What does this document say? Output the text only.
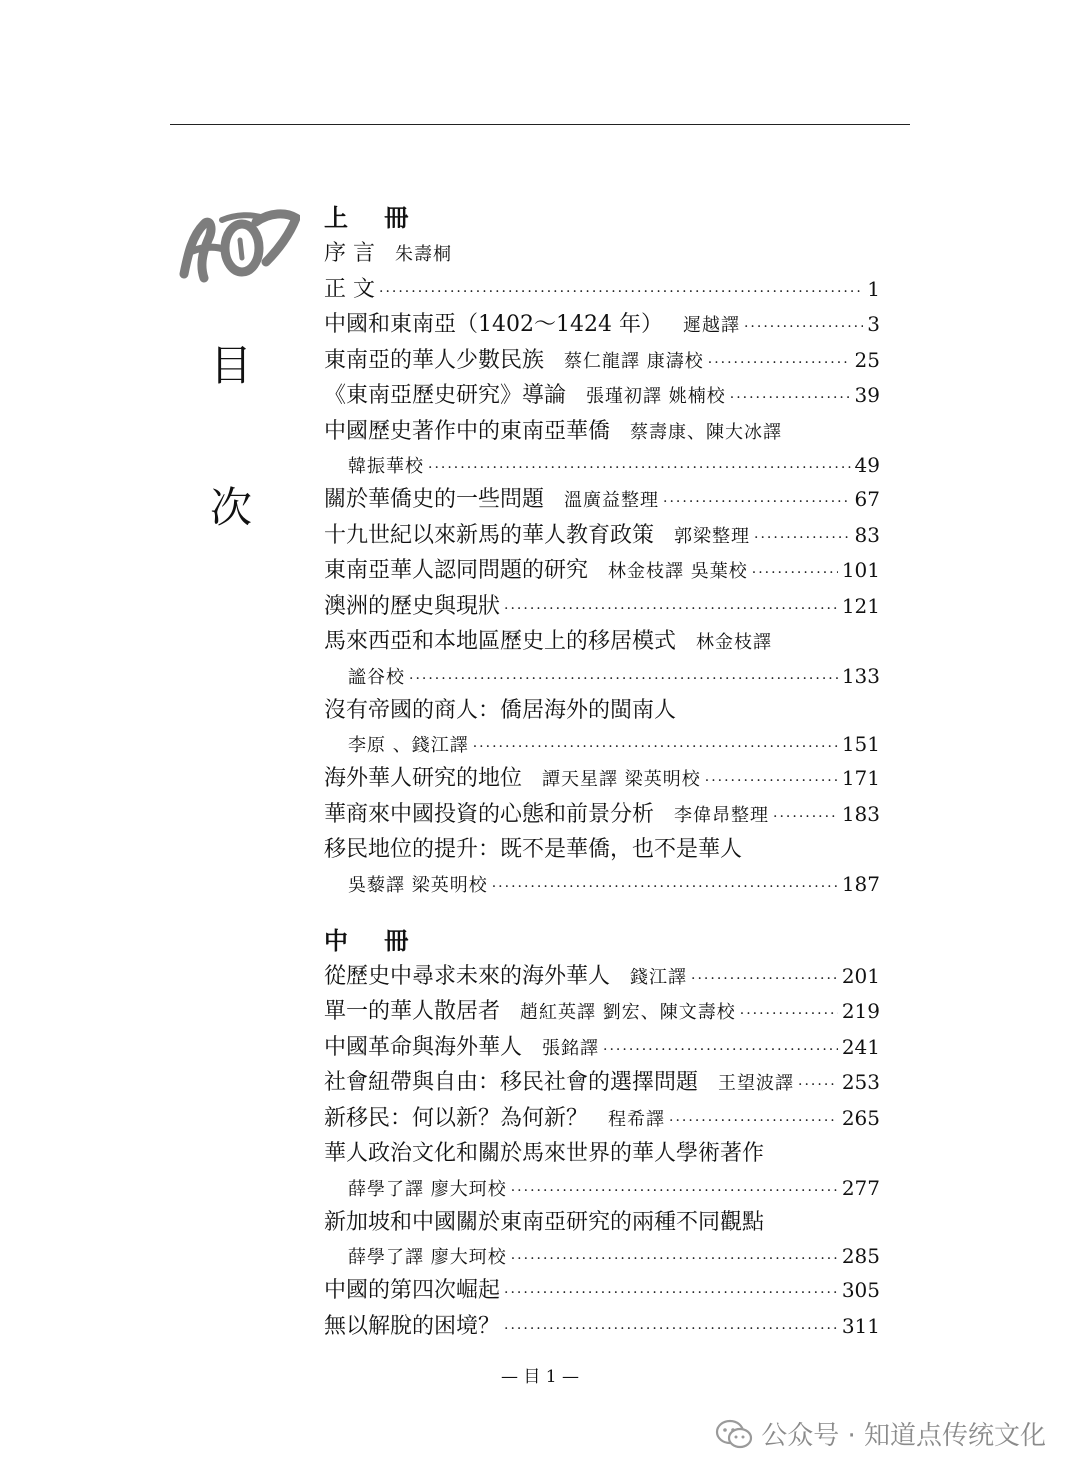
目
次
上 冊
序 言 朱壽桐
正 文 ·····	1
中國和東南亞（1402～1424 年） 遲越譯 ·····	3
東南亞的華人少數民族 蔡仁龍譯 康濤校 ·····	25
《東南亞歷史研究》導論 張瑾初譯 姚楠校 ·····	39
中國歷史著作中的東南亞華僑 蔡壽康、陳大冰譯
韓振華校 ·····	49
關於華僑史的一些問題 溫廣益整理 ·····	67
十九世紀以來新馬的華人教育政策 郭梁整理 ·····	83
東南亞華人認同問題的研究 林金枝譯 吳葉校 ·····	101
澳洲的歷史與現狀 ·····	121
馬來西亞和本地區歷史上的移居模式 林金枝譯
謐谷校 ·····	133
沒有帝國的商人：僑居海外的閩南人
李原 、錢江譯 ·····	151
海外華人研究的地位 譚天星譯 梁英明校 ·····	171
華商來中國投資的心態和前景分析 李偉昂整理 ·····	183
移民地位的提升：既不是華僑，也不是華人
吳藜譯 梁英明校 ·····	187
中 冊
從歷史中尋求未來的海外華人 錢江譯 ·····	201
單一的華人散居者 趙紅英譯 劉宏、陳文壽校 ·····	219
中國革命與海外華人 張銘譯 ·····	241
社會紐帶與自由：移民社會的選擇問題 王望波譯 ····· 253
新移民：何以新？為何新？ 程希譯 ·····	265
華人政治文化和關於馬來世界的華人學術著作
薛學了譯 廖大珂校 ·····	277
新加坡和中國關於東南亞研究的兩種不同觀點
薛學了譯 廖大珂校 ·····	285
中國的第四次崛起 ·····	305
無以解脫的困境？ ·····	311
— 目 1 —
公众号 · 知道点传统文化
